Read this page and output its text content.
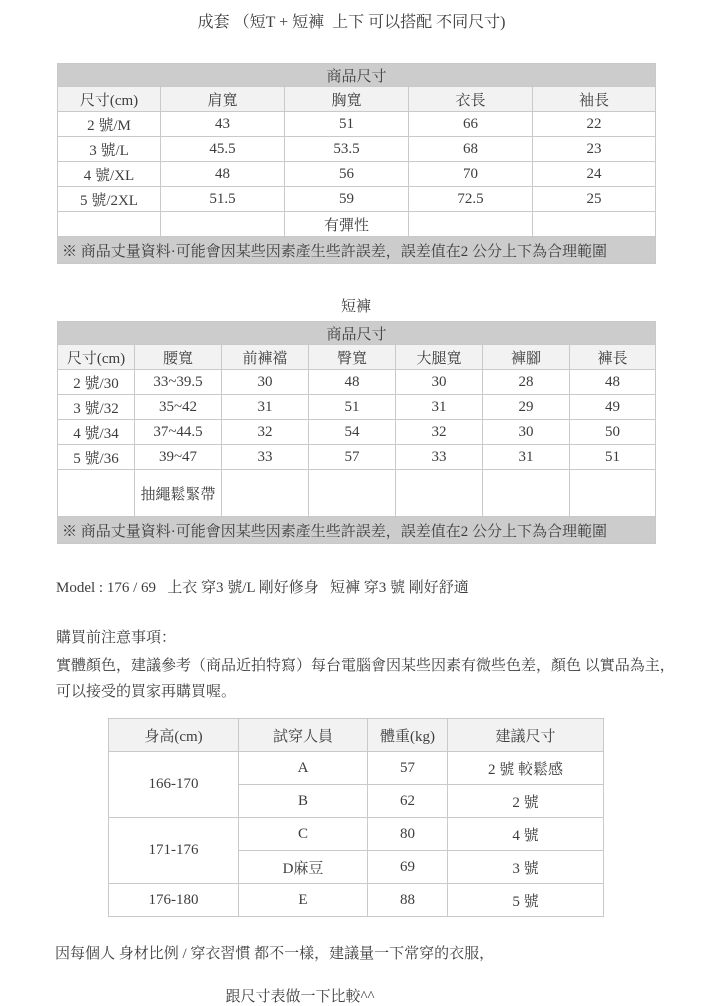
成套 （短T + 短褲  上下 可以搭配 不同尺寸)
商品尺寸				
尺寸(cm)	肩寬	胸寬	衣長	袖長
2 號/M	43	51	66	22
3 號/L	45.5	53.5	68	23
4 號/XL	48	56	70	24
5 號/2XL	51.5	59	72.5	25
		有彈性		
※ 商品丈量資料·可能會因某些因素產生些許誤差，誤差值在2 公分上下為合理範圍				
短褲
商品尺寸						
尺寸(cm)	腰寬	前褲襠	臀寬	大腿寬	褲腳	褲長
2 號/30	33~39.5	30	48	30	28	48
3 號/32	35~42	31	51	31	29	49
4 號/34	37~44.5	32	54	32	30	50
5 號/36	39~47	33	57	33	31	51
	抽繩鬆緊帶					
※ 商品丈量資料·可能會因某些因素產生些許誤差，誤差值在2 公分上下為合理範圍						
Model : 176 / 69   上衣 穿3 號/L 剛好修身   短褲 穿3 號 剛好舒適
購買前注意事項：
實體顏色，建議參考（商品近拍特寫）每台電腦會因某些因素有微些色差，顏色 以實品為主，可以接受的買家再購買喔。
身高(cm)	試穿人員	體重(kg)	建議尺寸
166-170	A	57	2 號 較鬆感
	B	62	2 號
171-176	C	80	4 號
	D麻豆	69	3 號
176-180	E	88	5 號
因每個人 身材比例 / 穿衣習慣 都不一樣，建議量一下常穿的衣服，
跟尺寸表做一下比較^^
